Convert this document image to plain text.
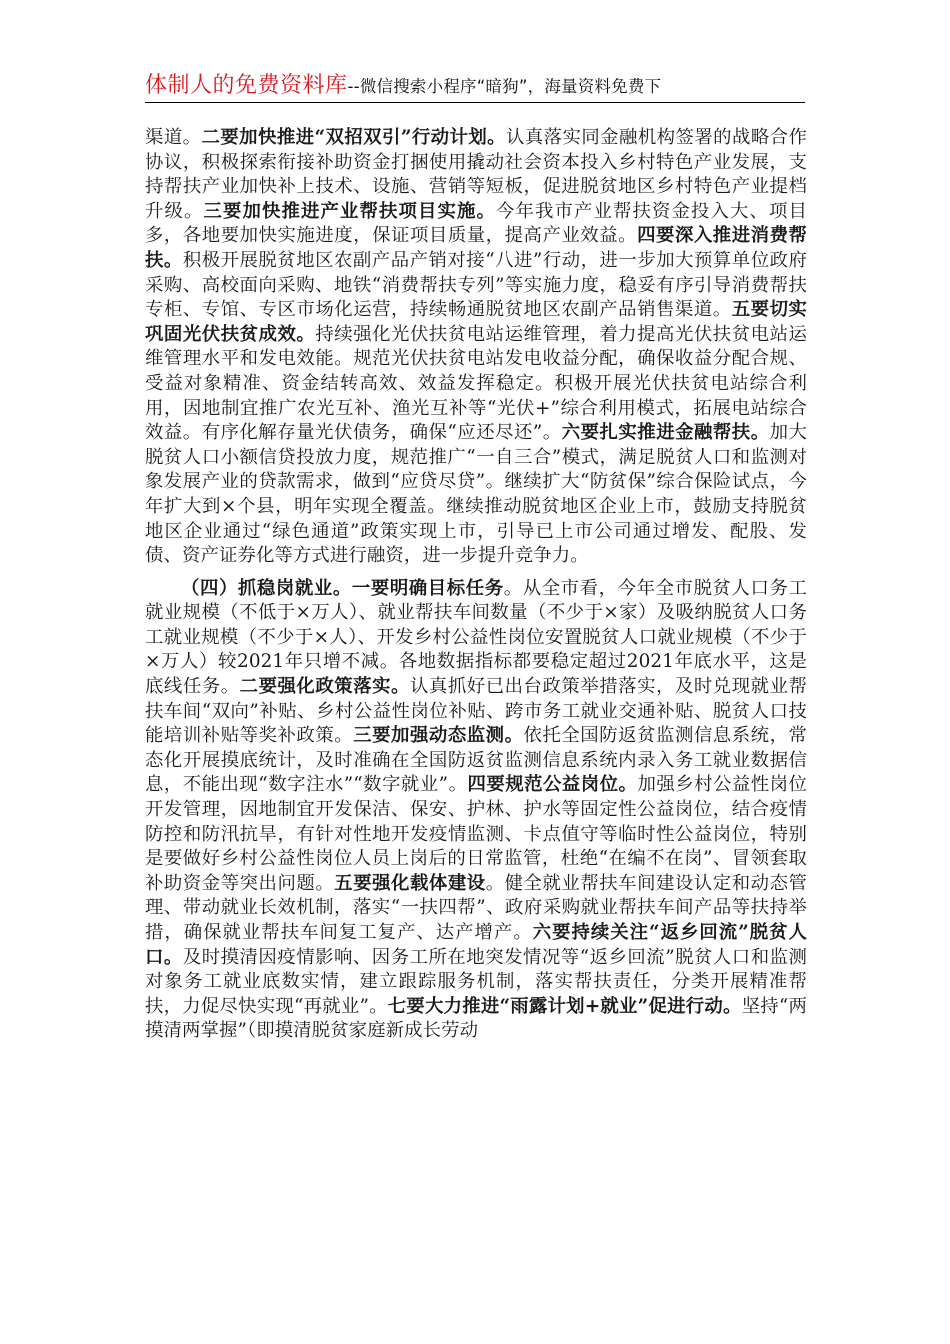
体制人的免费资料库--微信搜索小程序“暗狗”，海量资料免费下

渠道。二要加快推进“双招双引”行动计划。认真落实同金融机构签署的战略合作协议，积极探索衔接补助资金打捆使用撬动社会资本投入乡村特色产业发展，支持帮扶产业加快补上技术、设施、营销等短板，促进脱贫地区乡村特色产业提档升级。三要加快推进产业帮扶项目实施。今年我市产业帮扶资金投入大、项目多，各地要加快实施进度，保证项目质量，提高产业效益。四要深入推进消费帮扶。积极开展脱贫地区农副产品产销对接“八进”行动，进一步加大预算单位政府采购、高校面向采购、地铁“消费帮扶专列”等实施力度，稳妥有序引导消费帮扶专柜、专馆、专区市场化运营，持续畅通脱贫地区农副产品销售渠道。五要切实巩固光伏扶贫成效。持续强化光伏扶贫电站运维管理，着力提高光伏扶贫电站运维管理水平和发电效能。规范光伏扶贫电站发电收益分配，确保收益分配合规、受益对象精准、资金结转高效、效益发挥稳定。积极开展光伏扶贫电站综合利用，因地制宜推广农光互补、渔光互补等“光伏+”综合利用模式，拓展电站综合效益。有序化解存量光伏债务，确保“应还尽还”。六要扎实推进金融帮扶。加大脱贫人口小额信贷投放力度，规范推广“一自三合”模式，满足脱贫人口和监测对象发展产业的贷款需求，做到“应贷尽贷”。继续扩大“防贫保”综合保险试点，今年扩大到×个县，明年实现全覆盖。继续推动脱贫地区企业上市，鼓励支持脱贫地区企业通过“绿色通道”政策实现上市，引导已上市公司通过增发、配股、发债、资产证券化等方式进行融资，进一步提升竞争力。

（四）抓稳岗就业。一要明确目标任务。从全市看，今年全市脱贫人口务工就业规模（不低于×万人）、就业帮扶车间数量（不少于×家）及吸纳脱贫人口务工就业规模（不少于×人）、开发乡村公益性岗位安置脱贫人口就业规模（不少于×万人）较2021年只增不减。各地数据指标都要稳定超过2021年底水平，这是底线任务。二要强化政策落实。认真抓好已出台政策举措落实，及时兑现就业帮扶车间“双向”补贴、乡村公益性岗位补贴、跨市务工就业交通补贴、脱贫人口技能培训补贴等奖补政策。三要加强动态监测。依托全国防返贫监测信息系统，常态化开展摸底统计，及时准确在全国防返贫监测信息系统内录入务工就业数据信息，不能出现“数字注水”“数字就业”。四要规范公益岗位。加强乡村公益性岗位开发管理，因地制宜开发保洁、保安、护林、护水等固定性公益岗位，结合疫情防控和防汛抗旱，有针对性地开发疫情监测、卡点值守等临时性公益岗位，特别是要做好乡村公益性岗位人员上岗后的日常监管，杜绝“在编不在岗”、冒领套取补助资金等突出问题。五要强化载体建设。健全就业帮扶车间建设认定和动态管理、带动就业长效机制，落实“一扶四帮”、政府采购就业帮扶车间产品等扶持举措，确保就业帮扶车间复工复产、达产增产。六要持续关注“返乡回流”脱贫人口。及时摸清因疫情影响、因务工所在地突发情况等“返乡回流”脱贫人口和监测对象务工就业底数实情，建立跟踪服务机制，落实帮扶责任，分类开展精准帮扶，力促尽快实现“再就业”。七要大力推进“雨露计划+就业”促进行动。坚持“两摸清两掌握”（即摸清脱贫家庭新成长劳动
